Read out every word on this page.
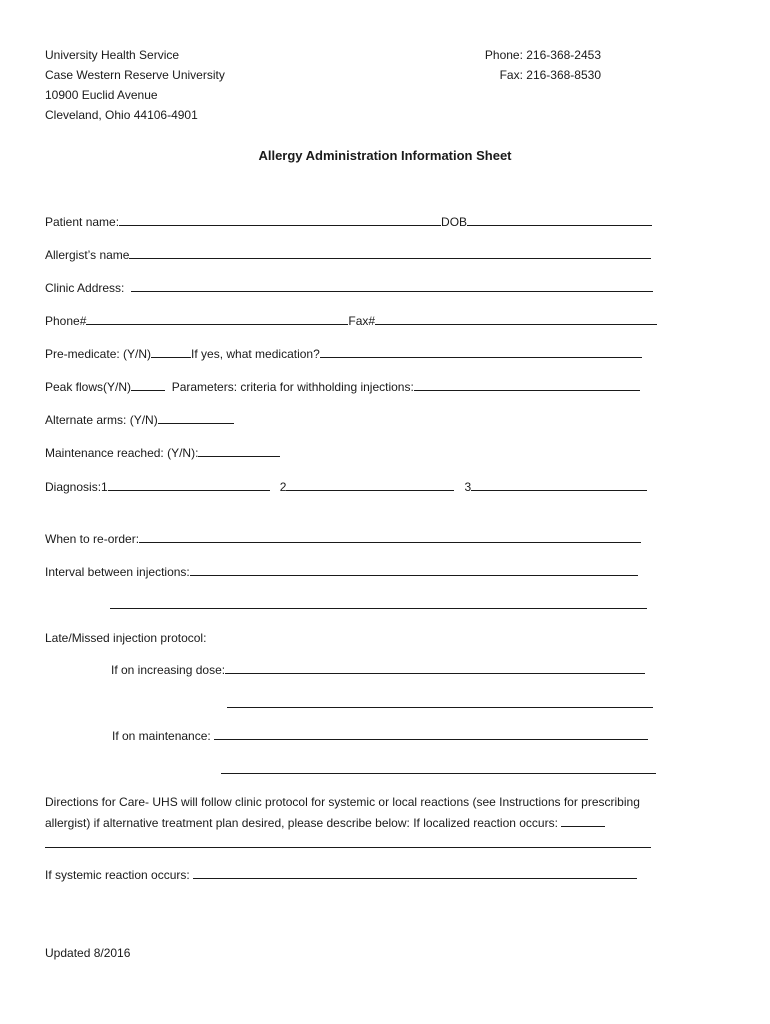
University Health Service
Case Western Reserve University
10900 Euclid Avenue
Cleveland, Ohio 44106-4901
Phone: 216-368-2453
Fax: 216-368-8530
Allergy Administration Information Sheet
Patient name:	DOB
Allergist’s name
Clinic Address:
Phone#	Fax#
Pre-medicate: (Y/N)	If yes, what medication?
Peak flows(Y/N)	Parameters: criteria for withholding injections:
Alternate arms: (Y/N)
Maintenance reached: (Y/N):
Diagnosis:1	2	3
When to re-order:
Interval between injections:
Late/Missed injection protocol:
If on increasing dose:
If on maintenance:
Directions for Care- UHS will follow clinic protocol for systemic or local reactions (see Instructions for prescribing
allergist) if alternative treatment plan desired, please describe below: If localized reaction occurs:
If systemic reaction occurs:
Updated 8/2016
